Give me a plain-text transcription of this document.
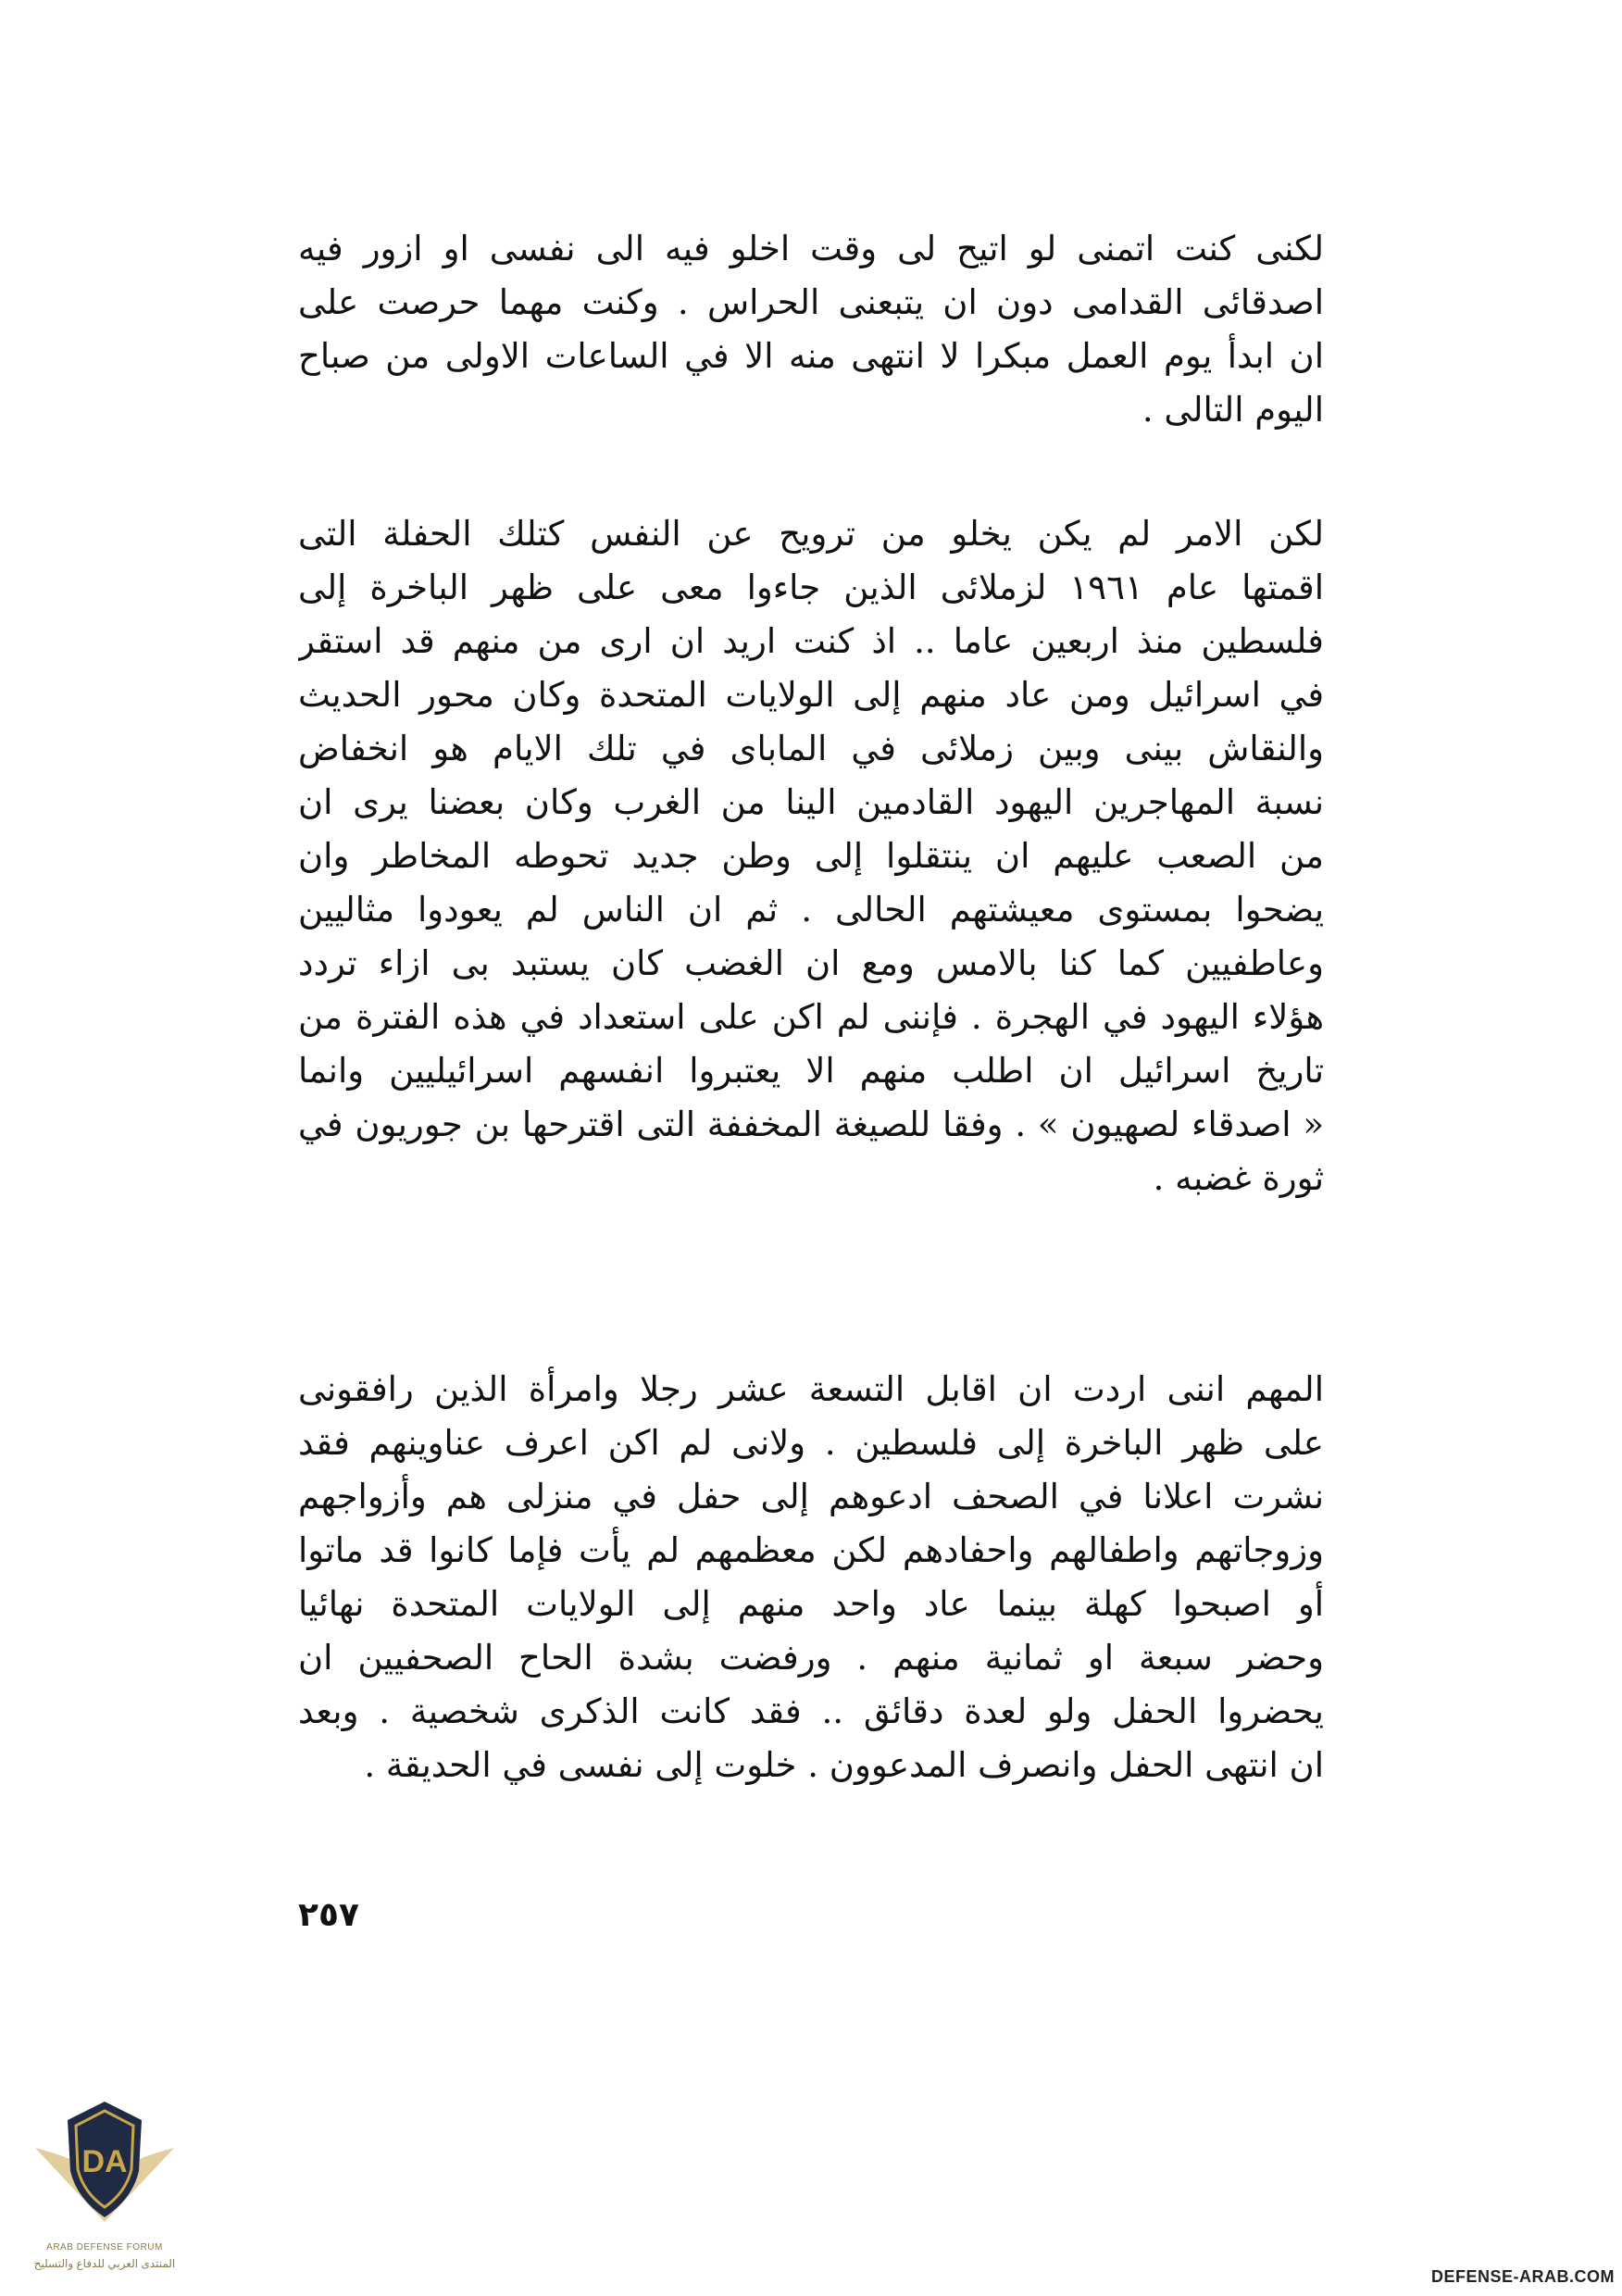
لكنى كنت اتمنى لو اتيح لى وقت اخلو فيه الى نفسى او ازور فيه
اصدقائى القدامى دون ان يتبعنى الحراس . وكنت مهما حرصت على
ان ابدأ يوم العمل مبكرا لا انتهى منه الا في الساعات الاولى من صباح
اليوم التالى .
لكن الامر لم يكن يخلو من ترويح عن النفس كتلك الحفلة التى
اقمتها عام ١٩٦١ لزملائى الذين جاءوا معى على ظهر الباخرة إلى
فلسطين منذ اربعين عاما .. اذ كنت اريد ان ارى من منهم قد استقر
في اسرائيل ومن عاد منهم إلى الولايات المتحدة وكان محور الحديث
والنقاش بينى وبين زملائى في الماباى في تلك الايام هو انخفاض
نسبة المهاجرين اليهود القادمين الينا من الغرب وكان بعضنا يرى ان
من الصعب عليهم ان ينتقلوا إلى وطن جديد تحوطه المخاطر وان
يضحوا بمستوى معيشتهم الحالى . ثم ان الناس لم يعودوا مثاليين
وعاطفيين كما كنا بالامس ومع ان الغضب كان يستبد بى ازاء تردد
هؤلاء اليهود في الهجرة . فإننى لم اكن على استعداد في هذه الفترة من
تاريخ اسرائيل ان اطلب منهم الا يعتبروا انفسهم اسرائيليين وانما
« اصدقاء لصهيون » . وفقا للصيغة المخففة التى اقترحها بن جوريون في
ثورة غضبه .
المهم اننى اردت ان اقابل التسعة عشر رجلا وامرأة الذين رافقونى
على ظهر الباخرة إلى فلسطين . ولانى لم اكن اعرف عناوينهم فقد
نشرت اعلانا في الصحف ادعوهم إلى حفل في منزلى هم وأزواجهم
وزوجاتهم واطفالهم واحفادهم لكن معظمهم لم يأت فإما كانوا قد ماتوا
أو اصبحوا كهلة بينما عاد واحد منهم إلى الولايات المتحدة نهائيا
وحضر سبعة او ثمانية منهم . ورفضت بشدة الحاح الصحفيين ان
يحضروا الحفل ولو لعدة دقائق .. فقد كانت الذكرى شخصية . وبعد
ان انتهى الحفل وانصرف المدعوون . خلوت إلى نفسى في الحديقة .
٢٥٧
DA
ARAB DEFENSE FORUM
المنتدى العربي للدفاع والتسليح
DEFENSE-ARAB.COM
